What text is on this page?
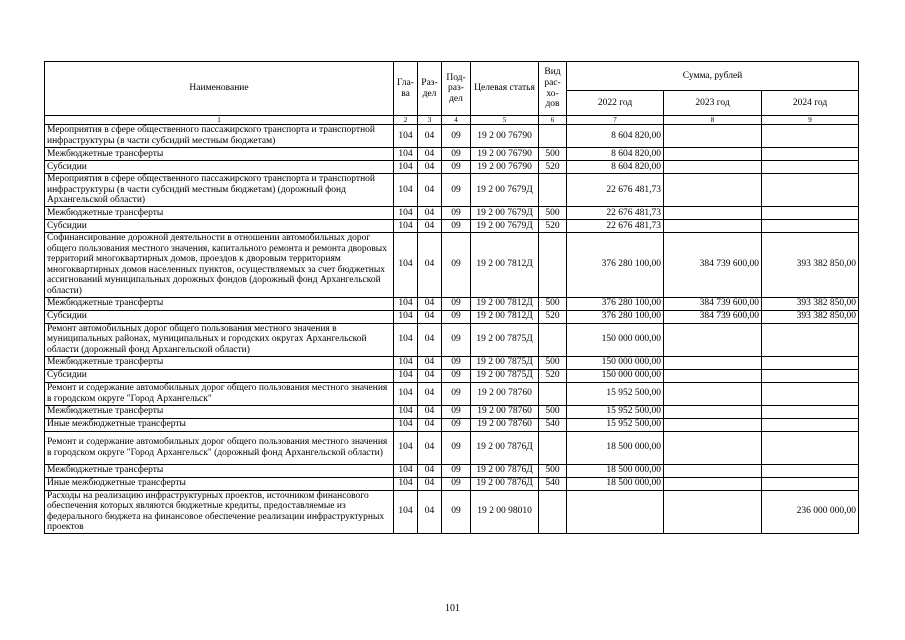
Наименование	Гла-ва	Раз-дел	Под-раз-дел	Целевая статья	Вид рас-хо-дов	Сумма, рублей		
						2022 год	2023 год	2024 год
1	2	3	4	5	6	7	8	9
Мероприятия в сфере общественного пассажирского транспорта и транспортной инфраструктуры (в части субсидий местным бюджетам)	104	04	09	19 2 00 76790		8 604 820,00		
Межбюджетные трансферты	104	04	09	19 2 00 76790	500	8 604 820,00		
Субсидии	104	04	09	19 2 00 76790	520	8 604 820,00		
Мероприятия в сфере общественного пассажирского транспорта и транспортной инфраструктуры (в части субсидий местным бюджетам) (дорожный фонд Архангельской области)	104	04	09	19 2 00 7679Д		22 676 481,73		
Межбюджетные трансферты	104	04	09	19 2 00 7679Д	500	22 676 481,73		
Субсидии	104	04	09	19 2 00 7679Д	520	22 676 481,73		
Софинансирование дорожной деятельности в отношении автомобильных дорог общего пользования местного значения, капитального ремонта и ремонта дворовых территорий многоквартирных домов, проездов к дворовым территориям многоквартирных домов населенных пунктов, осуществляемых за счет бюджетных ассигнований муниципальных дорожных фондов (дорожный фонд Архангельской области)	104	04	09	19 2 00 7812Д		376 280 100,00	384 739 600,00	393 382 850,00
Межбюджетные трансферты	104	04	09	19 2 00 7812Д	500	376 280 100,00	384 739 600,00	393 382 850,00
Субсидии	104	04	09	19 2 00 7812Д	520	376 280 100,00	384 739 600,00	393 382 850,00
Ремонт автомобильных дорог общего пользования местного значения в муниципальных районах, муниципальных и городских округах Архангельской области (дорожный фонд Архангельской области)	104	04	09	19 2 00 7875Д		150 000 000,00		
Межбюджетные трансферты	104	04	09	19 2 00 7875Д	500	150 000 000,00		
Субсидии	104	04	09	19 2 00 7875Д	520	150 000 000,00		
Ремонт и содержание автомобильных дорог общего пользования местного значения в городском округе "Город Архангельск"	104	04	09	19 2 00 78760		15 952 500,00		
Межбюджетные трансферты	104	04	09	19 2 00 78760	500	15 952 500,00		
Иные межбюджетные трансферты	104	04	09	19 2 00 78760	540	15 952 500,00		
Ремонт и содержание автомобильных дорог общего пользования местного значения в городском округе "Город Архангельск" (дорожный фонд Архангельской области)	104	04	09	19 2 00 7876Д		18 500 000,00		
Межбюджетные трансферты	104	04	09	19 2 00 7876Д	500	18 500 000,00		
Иные межбюджетные трансферты	104	04	09	19 2 00 7876Д	540	18 500 000,00		
Расходы на реализацию инфраструктурных проектов, источником финансового обеспечения которых являются бюджетные кредиты, предоставляемые из федерального бюджета на финансовое обеспечение реализации инфраструктурных проектов	104	04	09	19 2 00 98010				236 000 000,00
101
